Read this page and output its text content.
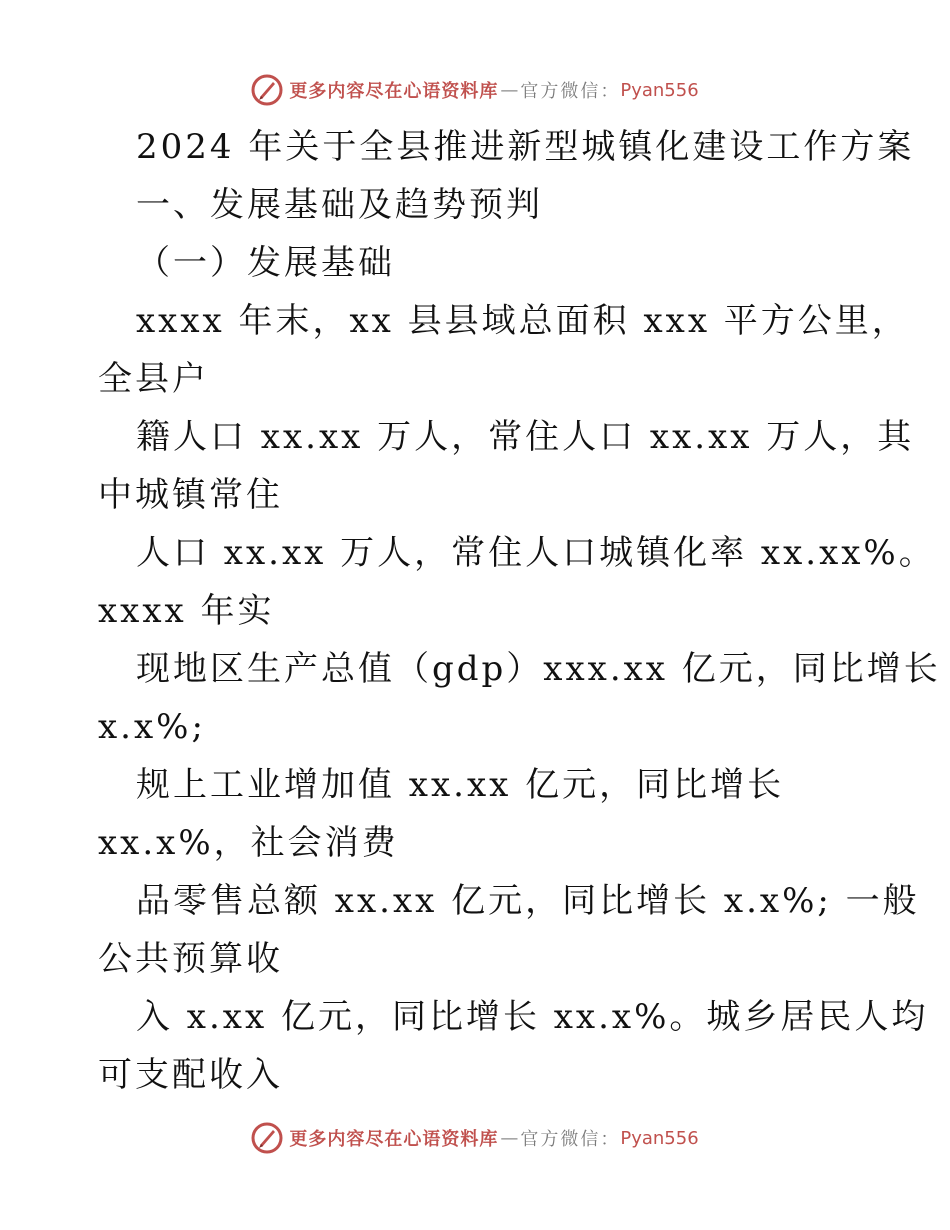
更多内容尽在心语资料库 — 官方微信： Pyan556
2024 年关于全县推进新型城镇化建设工作方案
一、发展基础及趋势预判
（一）发展基础
xxxx 年末，xx 县县域总面积 xxx 平方公里，
全县户
籍人口 xx.xx 万人，常住人口 xx.xx 万人，其
中城镇常住
人口 xx.xx 万人，常住人口城镇化率 xx.xx%。
xxxx 年实
现地区生产总值（gdp）xxx.xx 亿元，同比增长
x.x%;
规上工业增加值 xx.xx 亿元，同比增长
xx.x%，社会消费
品零售总额 xx.xx 亿元，同比增长 x.x%; 一般
公共预算收
入 x.xx 亿元，同比增长 xx.x%。城乡居民人均
可支配收入
更多内容尽在心语资料库 — 官方微信： Pyan556
